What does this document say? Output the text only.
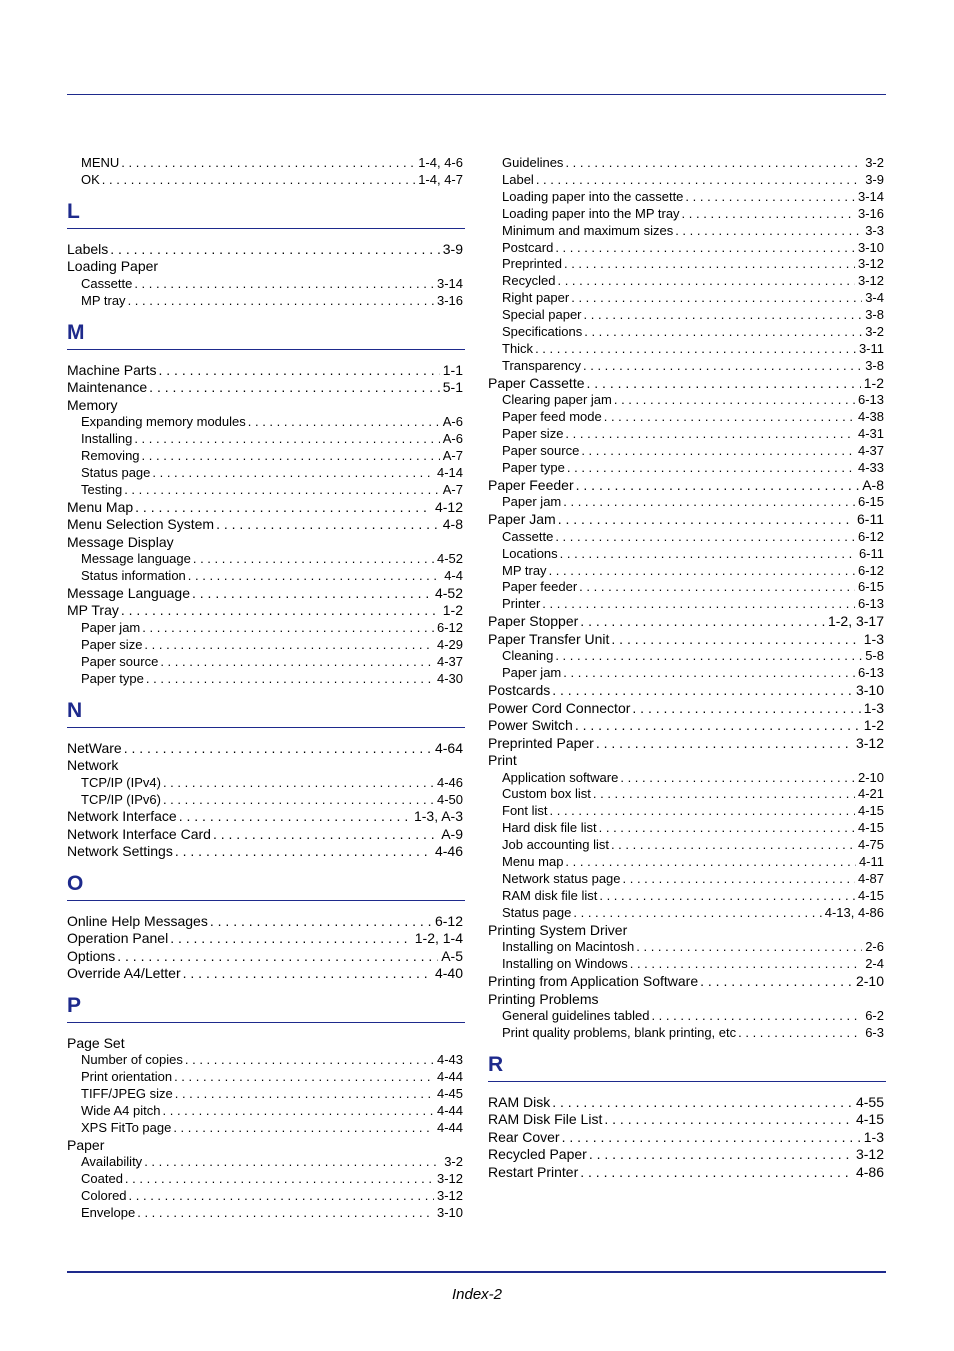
MENU . . .	1-4, 4-6
OK . . .	1-4, 4-7
L
Labels . . .	3-9
Loading Paper
Cassette . . .	3-14
MP tray . . .	3-16
M
Machine Parts . . .	1-1
Maintenance . . .	5-1
Memory
Expanding memory modules . . .	A-6
Installing . . .	A-6
Removing . . .	A-7
Status page . . .	4-14
Testing . . .	A-7
Menu Map . . .	4-12
Menu Selection System . . .	4-8
Message Display
Message language . . .	4-52
Status information . . .	4-4
Message Language . . .	4-52
MP Tray . . .	1-2
Paper jam . . .	6-12
Paper size . . .	4-29
Paper source . . .	4-37
Paper type . . .	4-30
N
NetWare . . .	4-64
Network
TCP/IP (IPv4) . . .	4-46
TCP/IP (IPv6) . . .	4-50
Network Interface . . .	1-3, A-3
Network Interface Card . . .	A-9
Network Settings . . .	4-46
O
Online Help Messages . . .	6-12
Operation Panel . . .	1-2, 1-4
Options . . .	A-5
Override A4/Letter . . .	4-40
P
Page Set
Number of copies . . .	4-43
Print orientation . . .	4-44
TIFF/JPEG size . . .	4-45
Wide A4 pitch . . .	4-44
XPS FitTo page . . .	4-44
Paper
Availability . . .	3-2
Coated . . .	3-12
Colored . . .	3-12
Envelope . . .	3-10
Guidelines . . .	3-2
Label . . .	3-9
Loading paper into the cassette . . .	3-14
Loading paper into the MP tray . . .	3-16
Minimum and maximum sizes . . .	3-3
Postcard . . .	3-10
Preprinted . . .	3-12
Recycled . . .	3-12
Right paper . . .	3-4
Special paper . . .	3-8
Specifications . . .	3-2
Thick . . .	3-11
Transparency . . .	3-8
Paper Cassette . . .	1-2
Clearing paper jam . . .	6-13
Paper feed mode . . .	4-38
Paper size . . .	4-31
Paper source . . .	4-37
Paper type . . .	4-33
Paper Feeder . . .	A-8
Paper jam . . .	6-15
Paper Jam . . .	6-11
Cassette . . .	6-12
Locations . . .	6-11
MP tray . . .	6-12
Paper feeder . . .	6-15
Printer . . .	6-13
Paper Stopper . . .	1-2, 3-17
Paper Transfer Unit . . .	1-3
Cleaning . . .	5-8
Paper jam . . .	6-13
Postcards . . .	3-10
Power Cord Connector . . .	1-3
Power Switch . . .	1-2
Preprinted Paper . . .	3-12
Print
Application software . . .	2-10
Custom box list . . .	4-21
Font list . . .	4-15
Hard disk file list . . .	4-15
Job accounting list . . .	4-75
Menu map . . .	4-11
Network status page . . .	4-87
RAM disk file list . . .	4-15
Status page . . .	4-13, 4-86
Printing System Driver
Installing on Macintosh . . .	2-6
Installing on Windows . . .	2-4
Printing from Application Software . . .	2-10
Printing Problems
General guidelines tabled . . .	6-2
Print quality problems, blank printing, etc . . .	6-3
R
RAM Disk . . .	4-55
RAM Disk File List . . .	4-15
Rear Cover . . .	1-3
Recycled Paper . . .	3-12
Restart Printer . . .	4-86
Index-2
